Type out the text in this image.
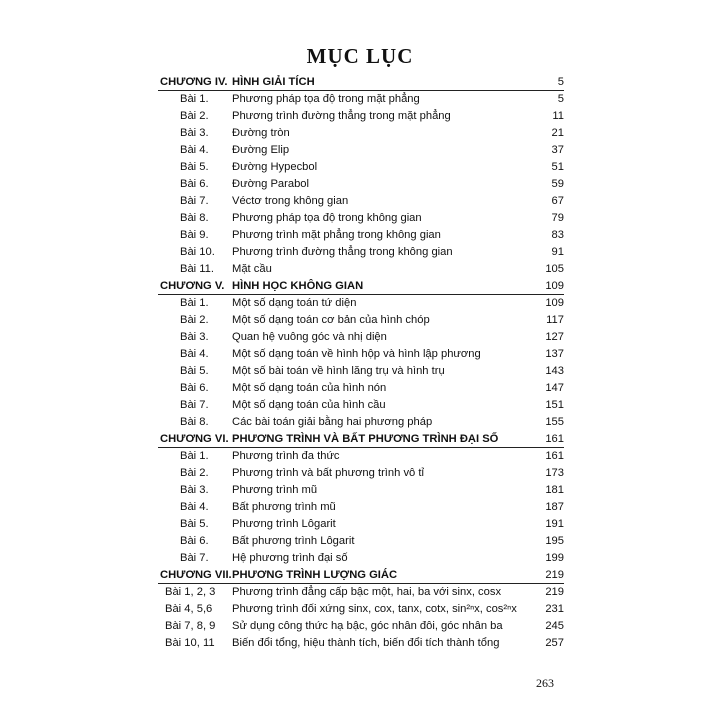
MỤC LỤC
CHƯƠNG IV. HÌNH GIẢI TÍCH	5
Bài 1.	Phương pháp tọa độ trong mặt phẳng	5
Bài 2.	Phương trình đường thẳng trong mặt phẳng	11
Bài 3.	Đường tròn	21
Bài 4.	Đường Elip	37
Bài 5.	Đường Hypecbol	51
Bài 6.	Đường Parabol	59
Bài 7.	Véctơ trong không gian	67
Bài 8.	Phương pháp tọa độ trong không gian	79
Bài 9.	Phương trình mặt phẳng trong không gian	83
Bài 10.	Phương trình đường thẳng trong không gian	91
Bài 11.	Mặt cầu	105
CHƯƠNG V. HÌNH HỌC KHÔNG GIAN	109
Bài 1.	Một số dạng toán tứ diện	109
Bài 2.	Một số dạng toán cơ bản của hình chóp	117
Bài 3.	Quan hệ vuông góc và nhị diện	127
Bài 4.	Một số dạng toán về hình hộp và hình lập phương	137
Bài 5.	Một số bài toán về hình lăng trụ và hình trụ	143
Bài 6.	Một số dạng toán của hình nón	147
Bài 7.	Một số dạng toán của hình cầu	151
Bài 8.	Các bài toán giải bằng hai phương pháp	155
CHƯƠNG VI. PHƯƠNG TRÌNH VÀ BẤT PHƯƠNG TRÌNH ĐẠI SỐ	161
Bài 1.	Phương trình đa thức	161
Bài 2.	Phương trình và bất phương trình vô tỉ	173
Bài 3.	Phương trình mũ	181
Bài 4.	Bất phương trình mũ	187
Bài 5.	Phương trình Lôgarit	191
Bài 6.	Bất phương trình Lôgarit	195
Bài 7.	Hệ phương trình đại số	199
CHƯƠNG VII. PHƯƠNG TRÌNH LƯỢNG GIÁC	219
Bài 1, 2, 3 Phương trình đẳng cấp bậc một, hai, ba với sinx, cosx	219
Bài 4, 5,6 Phương trình đối xứng sinx, cox, tanx, cotx, sin²ⁿx, cos²ⁿx	231
Bài 7, 8, 9 Sử dụng công thức hạ bậc, góc nhân đôi, góc nhân ba	245
Bài 10, 11 Biến đổi tổng, hiệu thành tích, biến đổi tích thành tổng	257
263
